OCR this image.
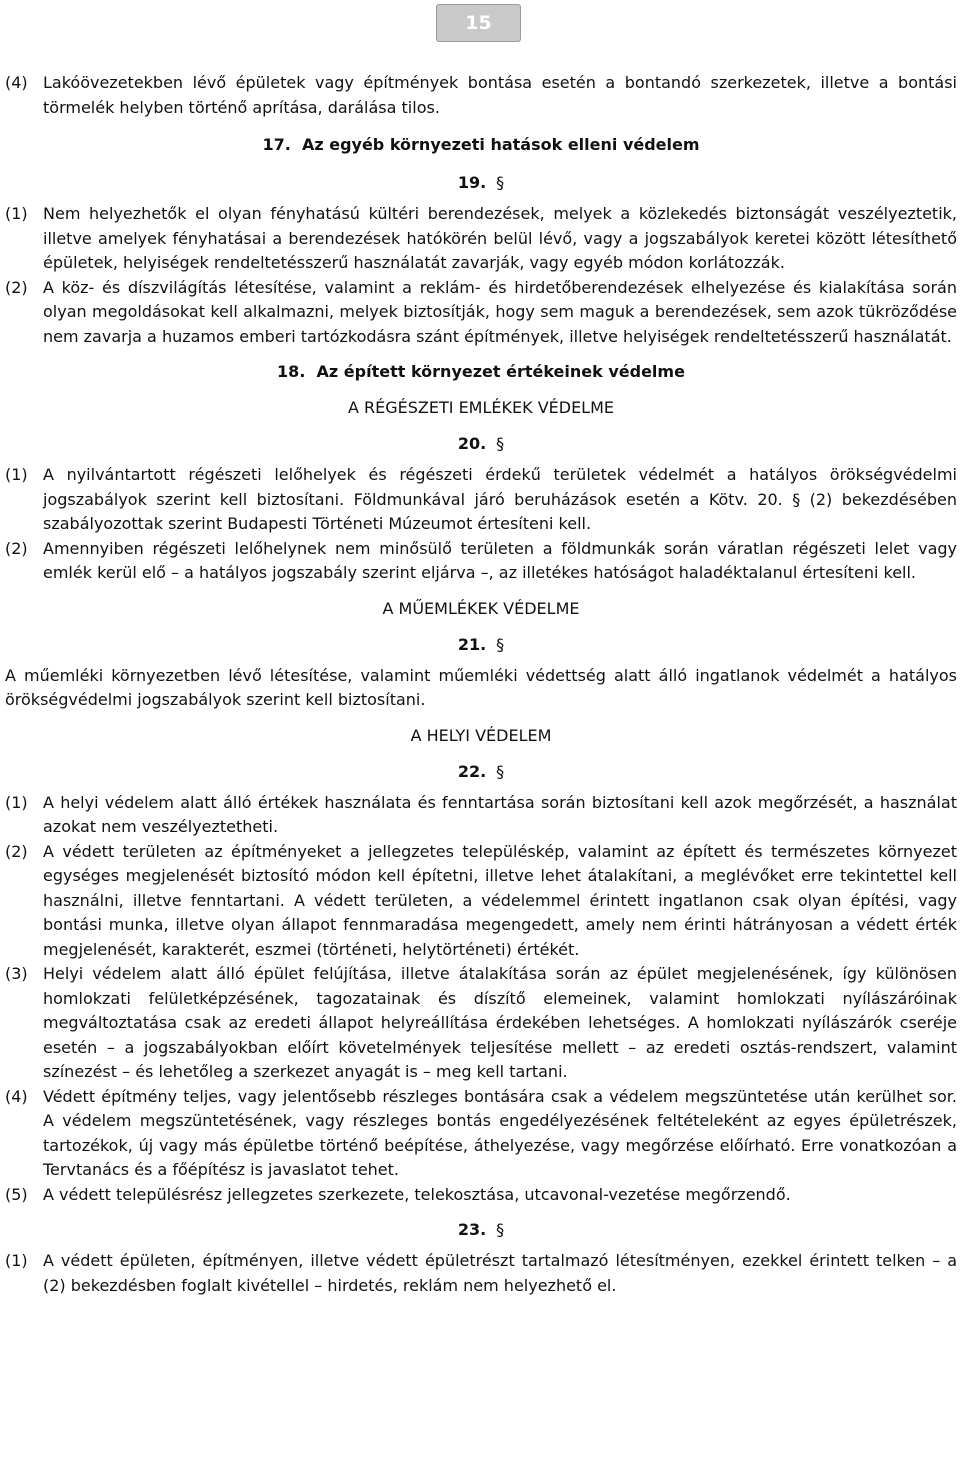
15
(4) Lakóövezetekben lévő épületek vagy építmények bontása esetén a bontandó szerkezetek, illetve a bontási törmelék helyben történő aprítása, darálása tilos.
17. Az egyéb környezeti hatások elleni védelem
19. §
(1) Nem helyezhetők el olyan fényhatású kültéri berendezések, melyek a közlekedés biztonságát veszélyeztetik, illetve amelyek fényhatásai a berendezések hatókörén belül lévő, vagy a jogszabályok keretei között létesíthető épületek, helyiségek rendeltetésszerű használatát zavarják, vagy egyéb módon korlátozzák.
(2) A köz- és díszvilágítás létesítése, valamint a reklám- és hirdetőberendezések elhelyezése és kialakítása során olyan megoldásokat kell alkalmazni, melyek biztosítják, hogy sem maguk a berendezések, sem azok tükröződése nem zavarja a huzamos emberi tartózkodásra szánt építmények, illetve helyiségek rendeltetésszerű használatát.
18. Az épített környezet értékeinek védelme
A RÉGÉSZETI EMLÉKEK VÉDELME
20. §
(1) A nyilvántartott régészeti lelőhelyek és régészeti érdekű területek védelmét a hatályos örökségvédelmi jogszabályok szerint kell biztosítani. Földmunkával járó beruházások esetén a Kötv. 20. § (2) bekezdésében szabályozottak szerint Budapesti Történeti Múzeumot értesíteni kell.
(2) Amennyiben régészeti lelőhelynek nem minősülő területen a földmunkák során váratlan régészeti lelet vagy emlék kerül elő – a hatályos jogszabály szerint eljárva –, az illetékes hatóságot haladéktalanul értesíteni kell.
A MŰEMLÉKEK VÉDELME
21. §
A műemléki környezetben lévő létesítése, valamint műemléki védettség alatt álló ingatlanok védelmét a hatályos örökségvédelmi jogszabályok szerint kell biztosítani.
A HELYI VÉDELEM
22. §
(1) A helyi védelem alatt álló értékek használata és fenntartása során biztosítani kell azok megőrzését, a használat azokat nem veszélyeztetheti.
(2) A védett területen az építményeket a jellegzetes településkép, valamint az épített és természetes környezet egységes megjelenését biztosító módon kell építetni, illetve lehet átalakítani, a meglévőket erre tekintettel kell használni, illetve fenntartani. A védett területen, a védelemmel érintett ingatlanon csak olyan építési, vagy bontási munka, illetve olyan állapot fennmaradása megengedett, amely nem érinti hátrányosan a védett érték megjelenését, karakterét, eszmei (történeti, helytörténeti) értékét.
(3) Helyi védelem alatt álló épület felújítása, illetve átalakítása során az épület megjelenésének, így különösen homlokzati felületképzésének, tagozatainak és díszítő elemeinek, valamint homlokzati nyílászáróinak megváltoztatása csak az eredeti állapot helyreállítása érdekében lehetséges. A homlokzati nyílászárók cseréje esetén – a jogszabályokban előírt követelmények teljesítése mellett – az eredeti osztás-rendszert, valamint színezést – és lehetőleg a szerkezet anyagát is – meg kell tartani.
(4) Védett építmény teljes, vagy jelentősebb részleges bontására csak a védelem megszüntetése után kerülhet sor. A védelem megszüntetésének, vagy részleges bontás engedélyezésének feltételeként az egyes épületrészek, tartozékok, új vagy más épületbe történő beépítése, áthelyezése, vagy megőrzése előírható. Erre vonatkozóan a Tervtanács és a főépítész is javaslatot tehet.
(5) A védett településrész jellegzetes szerkezete, telekosztása, utcavonal-vezetése megőrzendő.
23. §
(1) A védett épületen, építményen, illetve védett épületrészt tartalmazó létesítményen, ezekkel érintett telken – a (2) bekezdésben foglalt kivétellel – hirdetés, reklám nem helyezhető el.
